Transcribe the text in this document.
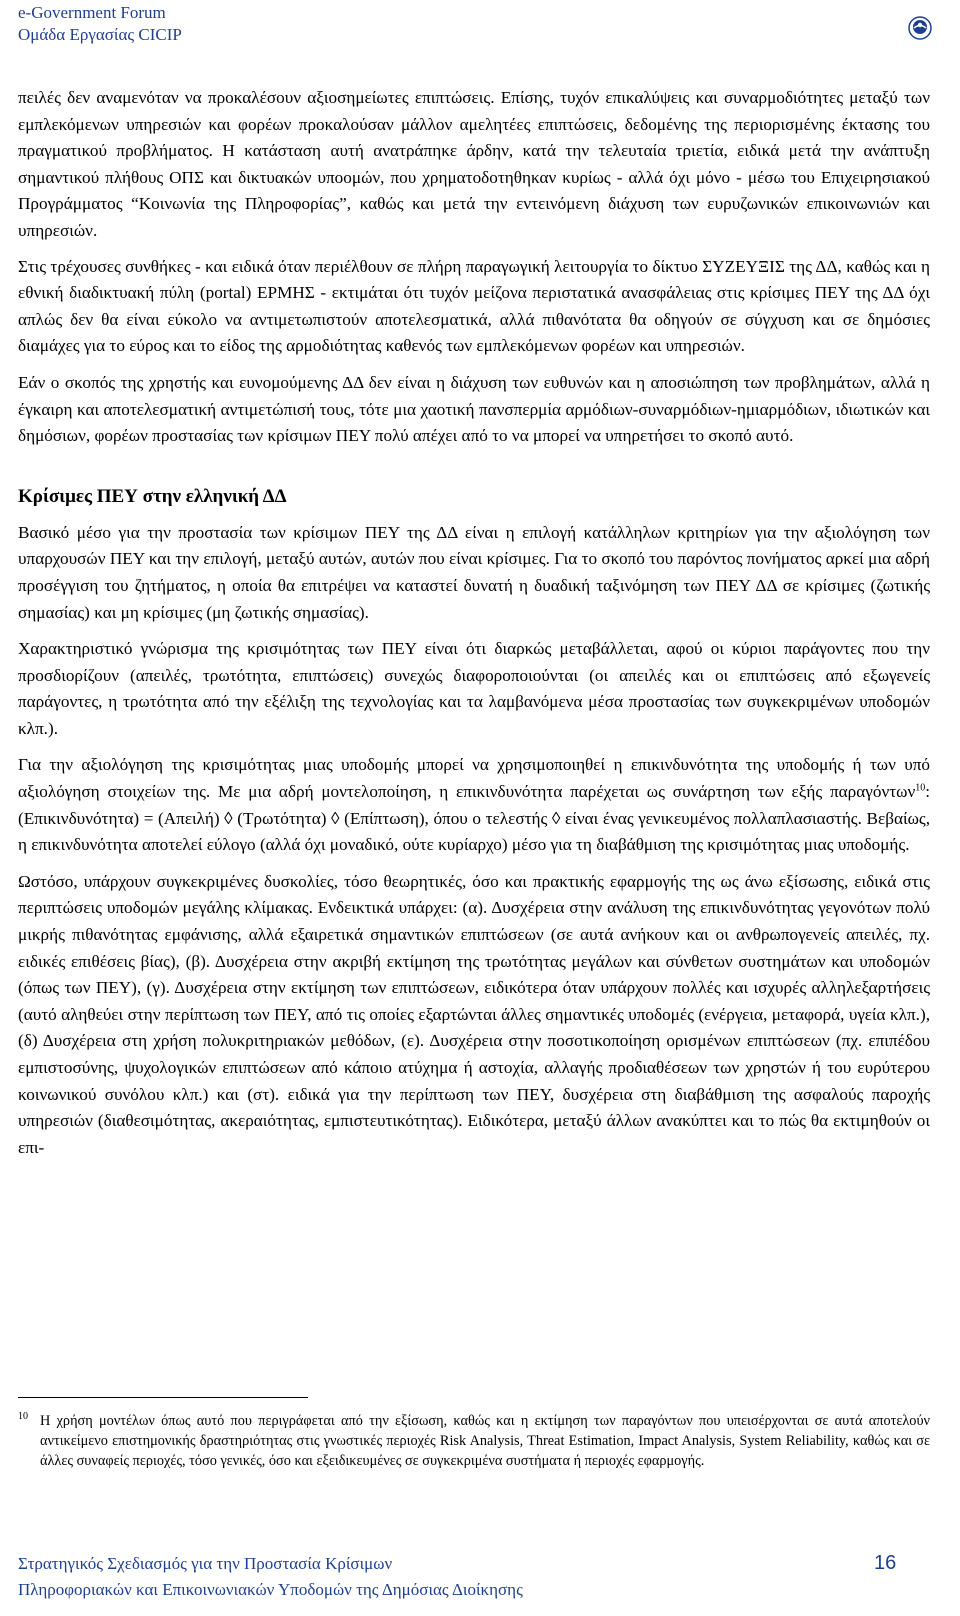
e-Government Forum
Ομάδα Εργασίας CICIP

πειλές δεν αναμενόταν να προκαλέσουν αξιοσημείωτες επιπτώσεις. Επίσης, τυχόν επικαλύψεις και συναρμοδιότητες μεταξύ των εμπλεκόμενων υπηρεσιών και φορέων προκαλούσαν μάλλον αμελητέες επιπτώσεις, δεδομένης της περιορισμένης έκτασης του πραγματικού προβλήματος. Η κατάσταση αυτή ανατράπηκε άρδην, κατά την τελευταία τριετία, ειδικά μετά την ανάπτυξη σημαντικού πλήθους ΟΠΣ και δικτυακών υποομών, που χρηματοδοτηθηκαν κυρίως - αλλά όχι μόνο - μέσω του Επιχειρησιακού Προγράμματος “Κοινωνία της Πληροφορίας”, καθώς και μετά την εντεινόμενη διάχυση των ευρυζωνικών επικοινωνιών και υπηρεσιών.

Στις τρέχουσες συνθήκες - και ειδικά όταν περιέλθουν σε πλήρη παραγωγική λειτουργία το δίκτυο ΣΥΖΕΥΞΙΣ της ΔΔ, καθώς και η εθνική διαδικτυακή πύλη (portal) ΕΡΜΗΣ - εκτιμάται ότι τυχόν μείζονα περιστατικά ανασφάλειας στις κρίσιμες ΠΕΥ της ΔΔ όχι απλώς δεν θα είναι εύκολο να αντιμετωπιστούν αποτελεσματικά, αλλά πιθανότατα θα οδηγούν σε σύγχυση και σε δημόσιες διαμάχες για το εύρος και το είδος της αρμοδιότητας καθενός των εμπλεκόμενων φορέων και υπηρεσιών.

Εάν ο σκοπός της χρηστής και ευνομούμενης ΔΔ δεν είναι η διάχυση των ευθυνών και η αποσιώπηση των προβλημάτων, αλλά η έγκαιρη και αποτελεσματική αντιμετώπισή τους, τότε μια χαοτική πανσπερμία αρμόδιων-συναρμόδιων-ημιαρμόδιων, ιδιωτικών και δημόσιων, φορέων προστασίας των κρίσιμων ΠΕΥ πολύ απέχει από το να μπορεί να υπηρετήσει το σκοπό αυτό.

Κρίσιμες ΠΕΥ στην ελληνική ΔΔ

Βασικό μέσο για την προστασία των κρίσιμων ΠΕΥ της ΔΔ είναι η επιλογή κατάλληλων κριτηρίων για την αξιολόγηση των υπαρχουσών ΠΕΥ και την επιλογή, μεταξύ αυτών, αυτών που είναι κρίσιμες. Για το σκοπό του παρόντος πονήματος αρκεί μια αδρή προσέγγιση του ζητήματος, η οποία θα επιτρέψει να καταστεί δυνατή η δυαδική ταξινόμηση των ΠΕΥ ΔΔ σε κρίσιμες (ζωτικής σημασίας) και μη κρίσιμες (μη ζωτικής σημασίας).

Χαρακτηριστικό γνώρισμα της κρισιμότητας των ΠΕΥ είναι ότι διαρκώς μεταβάλλεται, αφού οι κύριοι παράγοντες που την προσδιορίζουν (απειλές, τρωτότητα, επιπτώσεις) συνεχώς διαφοροποιούνται (οι απειλές και οι επιπτώσεις από εξωγενείς παράγοντες, η τρωτότητα από την εξέλιξη της τεχνολογίας και τα λαμβανόμενα μέσα προστασίας των συγκεκριμένων υποδομών κλπ.).

Για την αξιολόγηση της κρισιμότητας μιας υποδομής μπορεί να χρησιμοποιηθεί η επικινδυνότητα της υποδομής ή των υπό αξιολόγηση στοιχείων της. Με μια αδρή μοντελοποίηση, η επικινδυνότητα παρέχεται ως συνάρτηση των εξής παραγόντων$^{10}$: (Επικινδυνότητα) = (Απειλή) ◊ (Τρωτότητα) ◊ (Επίπτωση), όπου ο τελεστής ◊ είναι ένας γενικευμένος πολλαπλασιαστής. Βεβαίως, η επικινδυνότητα αποτελεί εύλογο (αλλά όχι μοναδικό, ούτε κυρίαρχο) μέσο για τη διαβάθμιση της κρισιμότητας μιας υποδομής.

Ωστόσο, υπάρχουν συγκεκριμένες δυσκολίες, τόσο θεωρητικές, όσο και πρακτικής εφαρμογής της ως άνω εξίσωσης, ειδικά στις περιπτώσεις υποδομών μεγάλης κλίμακας. Ενδεικτικά υπάρχει: (α). Δυσχέρεια στην ανάλυση της επικινδυνότητας γεγονότων πολύ μικρής πιθανότητας εμφάνισης, αλλά εξαιρετικά σημαντικών επιπτώσεων (σε αυτά ανήκουν και οι ανθρωπογενείς απειλές, πχ. ειδικές επιθέσεις βίας), (β). Δυσχέρεια στην ακριβή εκτίμηση της τρωτότητας μεγάλων και σύνθετων συστημάτων και υποδομών (όπως των ΠΕΥ), (γ). Δυσχέρεια στην εκτίμηση των επιπτώσεων, ειδικότερα όταν υπάρχουν πολλές και ισχυρές αλληλεξαρτήσεις (αυτό αληθεύει στην περίπτωση των ΠΕΥ, από τις οποίες εξαρτώνται άλλες σημαντικές υποδομές (ενέργεια, μεταφορά, υγεία κλπ.), (δ) Δυσχέρεια στη χρήση πολυκριτηριακών μεθόδων, (ε). Δυσχέρεια στην ποσοτικοποίηση ορισμένων επιπτώσεων (πχ. επιπέδου εμπιστοσύνης, ψυχολογικών επιπτώσεων από κάποιο ατύχημα ή αστοχία, αλλαγής προδιαθέσεων των χρηστών ή του ευρύτερου κοινωνικού συνόλου κλπ.) και (στ). ειδικά για την περίπτωση των ΠΕΥ, δυσχέρεια στη διαβάθμιση της ασφαλούς παροχής υπηρεσιών (διαθεσιμότητας, ακεραιότητας, εμπιστευτικότητας). Ειδικότερα, μεταξύ άλλων ανακύπτει και το πώς θα εκτιμηθούν οι επι-

10 Η χρήση μοντέλων όπως αυτό που περιγράφεται από την εξίσωση, καθώς και η εκτίμηση των παραγόντων που υπεισέρχονται σε αυτά αποτελούν αντικείμενο επιστημονικής δραστηριότητας στις γνωστικές περιοχές Risk Analysis, Threat Estimation, Impact Analysis, System Reliability, καθώς και σε άλλες συναφείς περιοχές, τόσο γενικές, όσο και εξειδικευμένες σε συγκεκριμένα συστήματα ή περιοχές εφαρμογής.
Στρατηγικός Σχεδιασμός για την Προστασία Κρίσιμων
Πληροφοριακών και Επικοινωνιακών Υποδομών της Δημόσιας Διοίκησης
16
